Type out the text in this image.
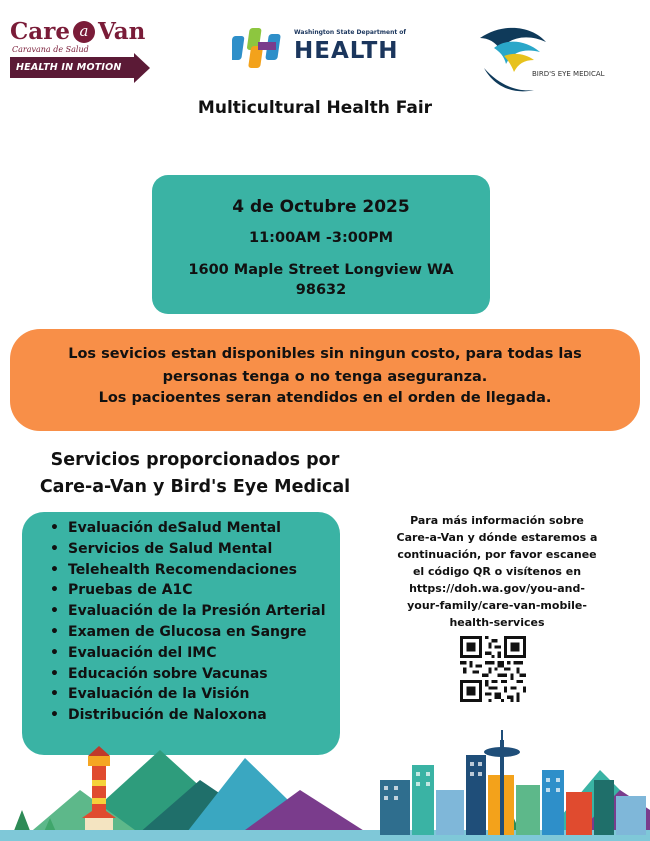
Care a Van
Caravana de Salud
HEALTH IN MOTION
Washington State Department of
HEALTH
BIRD'S EYE MEDICAL
Multicultural Health Fair
4 de Octubre 2025
11:00AM -3:00PM
1600 Maple Street Longview WA
98632
Los sevicios estan disponibles sin ningun costo, para todas las
personas tenga o no tenga aseguranza.
Los pacioentes seran atendidos en el orden de llegada.
Servicios proporcionados por
Care-a-Van y Bird's Eye Medical
• Evaluación deSalud Mental
• Servicios de Salud Mental
• Telehealth Recomendaciones
• Pruebas de A1C
• Evaluación de la Presión Arterial
• Examen de Glucosa en Sangre
• Evaluación del IMC
• Educación sobre Vacunas
• Evaluación de la Visión
• Distribución de Naloxona
Para más información sobre
Care-a-Van y dónde estaremos a
continuación, por favor escanee
el código QR o visítenos en
https://doh.wa.gov/you-and-
your-family/care-van-mobile-
health-services
